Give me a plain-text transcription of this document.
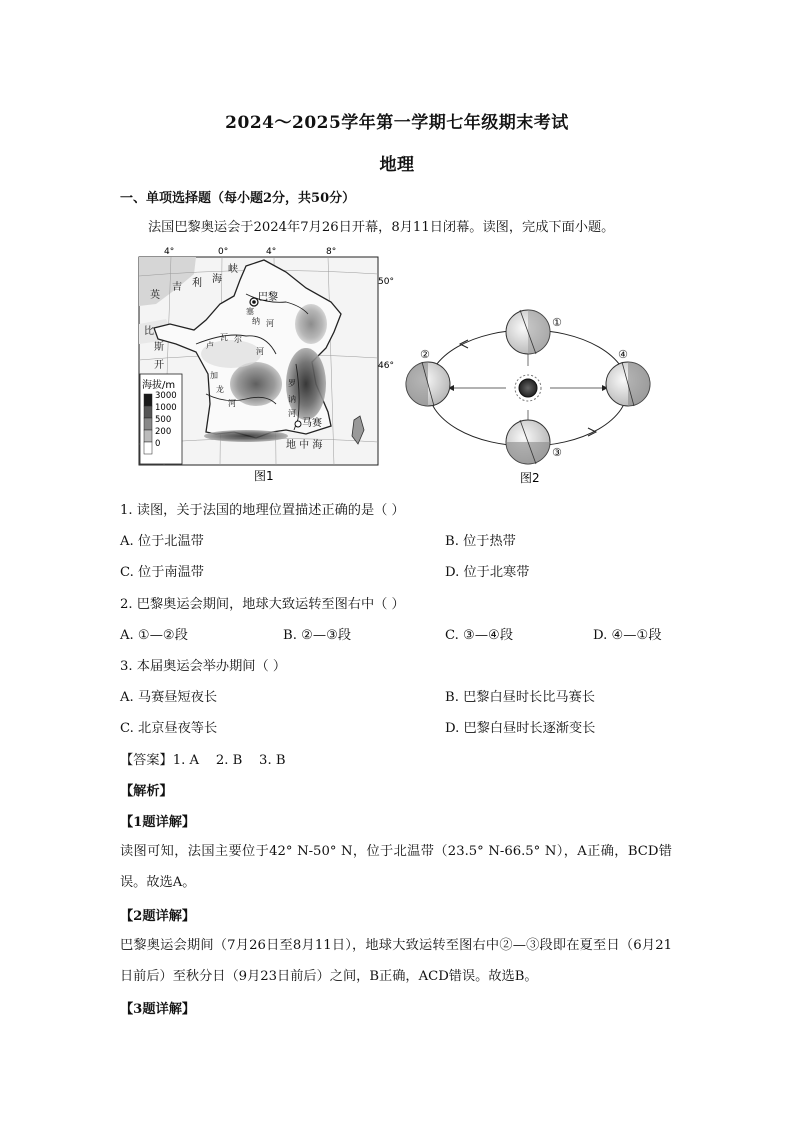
2024～2025学年第一学期七年级期末考试
地理
一、单项选择题（每小题2分，共50分）
法国巴黎奥运会于2024年7月26日开幕，8月11日闭幕。读图，完成下面小题。
4°	0°	4°	8°
50°
46°
巴黎
马赛
峡
英
吉 利 海
比
斯
开
塞
纳 河
卢
瓦 尔
河
加
龙
河
罗
讷
河
地 中 海
海拔/m
3000
1000
500
200
0
图1
①
②
③
④
图2
1. 读图，关于法国的地理位置描述正确的是（ ）
A. 位于北温带	B. 位于热带
C. 位于南温带	D. 位于北寒带
2. 巴黎奥运会期间，地球大致运转至图右中（ ）
A. ①—②段	B. ②—③段	C. ③—④段	D. ④—①段
3. 本届奥运会举办期间（ ）
A. 马赛昼短夜长	B. 巴黎白昼时长比马赛长
C. 北京昼夜等长	D. 巴黎白昼时长逐渐变长
【答案】1. A    2. B    3. B
【解析】
【1题详解】
读图可知，法国主要位于42° N-50° N，位于北温带（23.5° N-66.5° N），A正确，BCD错误。故选A。
【2题详解】
巴黎奥运会期间（7月26日至8月11日），地球大致运转至图右中②—③段即在夏至日（6月21日前后）至秋分日（9月23日前后）之间，B正确，ACD错误。故选B。
【3题详解】
